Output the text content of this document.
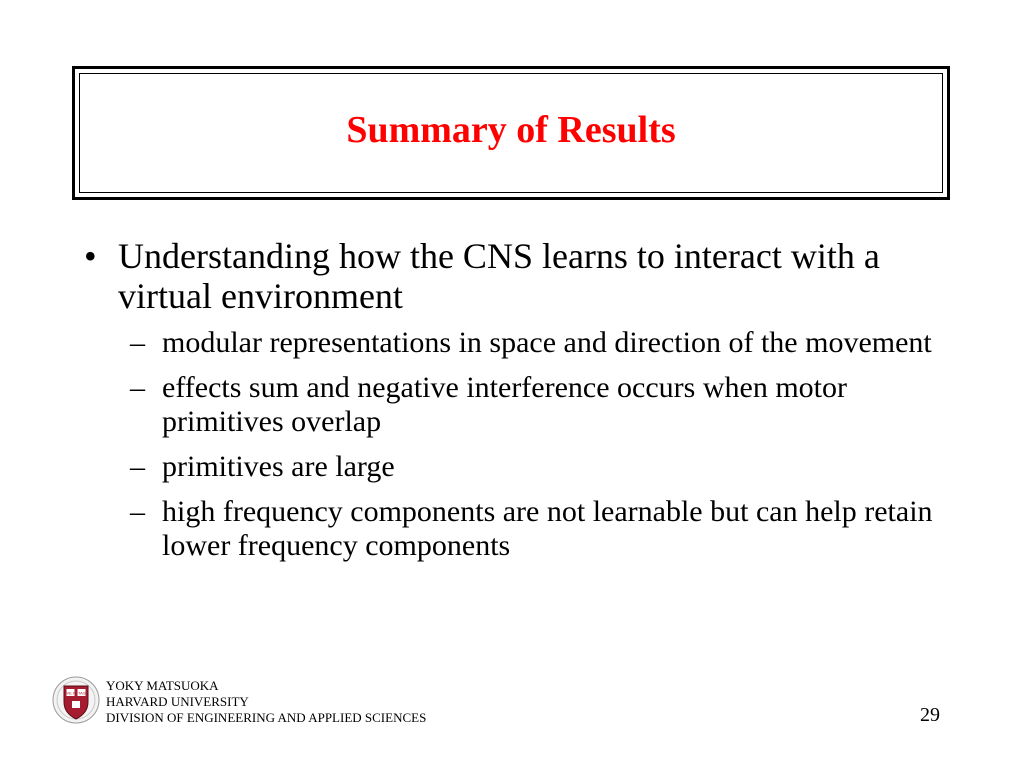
Summary of Results
• Understanding how the CNS learns to interact with a virtual environment
– modular representations in space and direction of the movement
– effects sum and negative interference occurs when motor primitives overlap
– primitives are large
– high frequency components are not learnable but can help retain lower frequency components
VE RI TAS YOKY MATSUOKA
HARVARD UNIVERSITY
DIVISION OF ENGINEERING AND APPLIED SCIENCES	29
